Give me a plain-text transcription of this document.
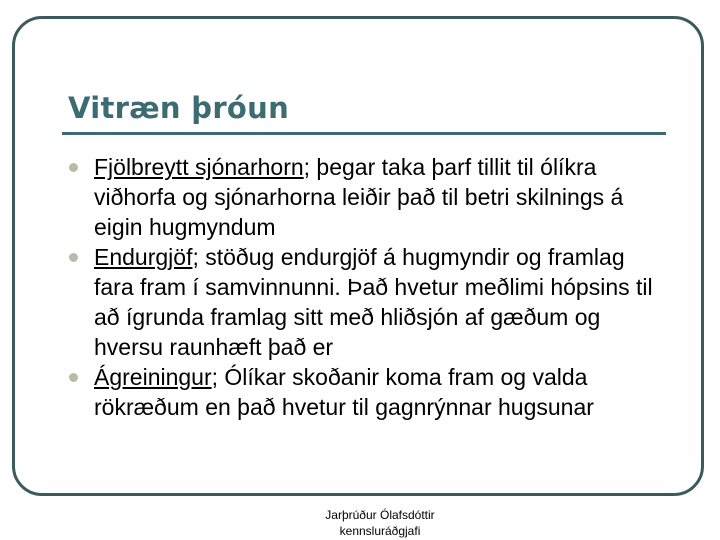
Vitræn þróun
Fjölbreytt sjónarhorn; þegar taka þarf tillit til ólíkra viðhorfa og sjónarhorna leiðir það til betri skilnings á eigin hugmyndum
Endurgjöf; stöðug endurgjöf á hugmyndir og framlag fara fram í samvinnunni. Það hvetur meðlimi hópsins til að ígrunda framlag sitt með hliðsjón af gæðum og hversu raunhæft það er
Ágreiningur; Ólíkar skoðanir koma fram og valda rökræðum en það hvetur til gagnrýnnar hugsunar
Jarþrúður Ólafsdóttir
kennsluráðgjafi
